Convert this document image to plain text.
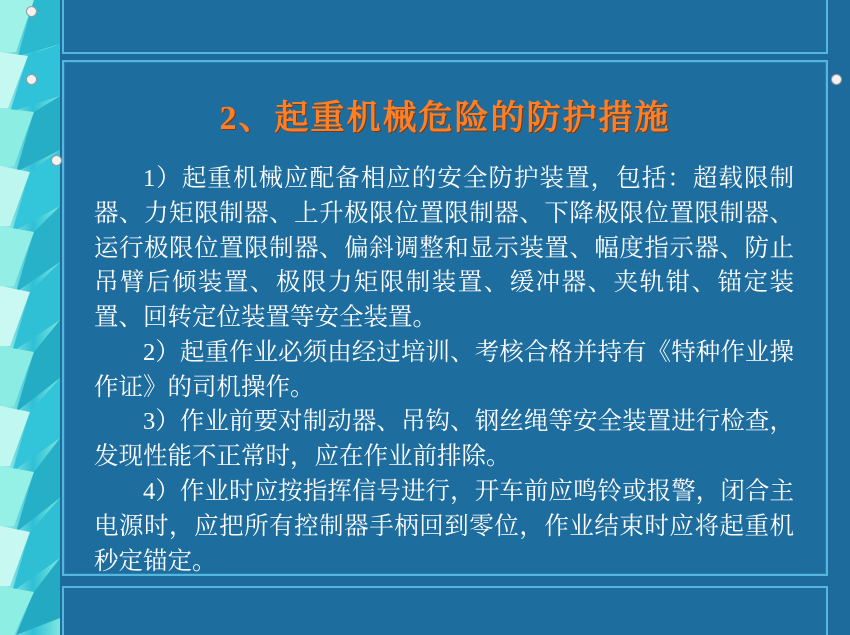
2、起重机械危险的防护措施

1）起重机械应配备相应的安全防护装置，包括：超载限制器、力矩限制器、上升极限位置限制器、下降极限位置限制器、运行极限位置限制器、偏斜调整和显示装置、幅度指示器、防止吊臂后倾装置、极限力矩限制装置、缓冲器、夹轨钳、锚定装置、回转定位装置等安全装置。

2）起重作业必须由经过培训、考核合格并持有《特种作业操作证》的司机操作。

3）作业前要对制动器、吊钩、钢丝绳等安全装置进行检查，发现性能不正常时，应在作业前排除。

4）作业时应按指挥信号进行，开车前应鸣铃或报警，闭合主电源时，应把所有控制器手柄回到零位，作业结束时应将起重机秒定锚定。
